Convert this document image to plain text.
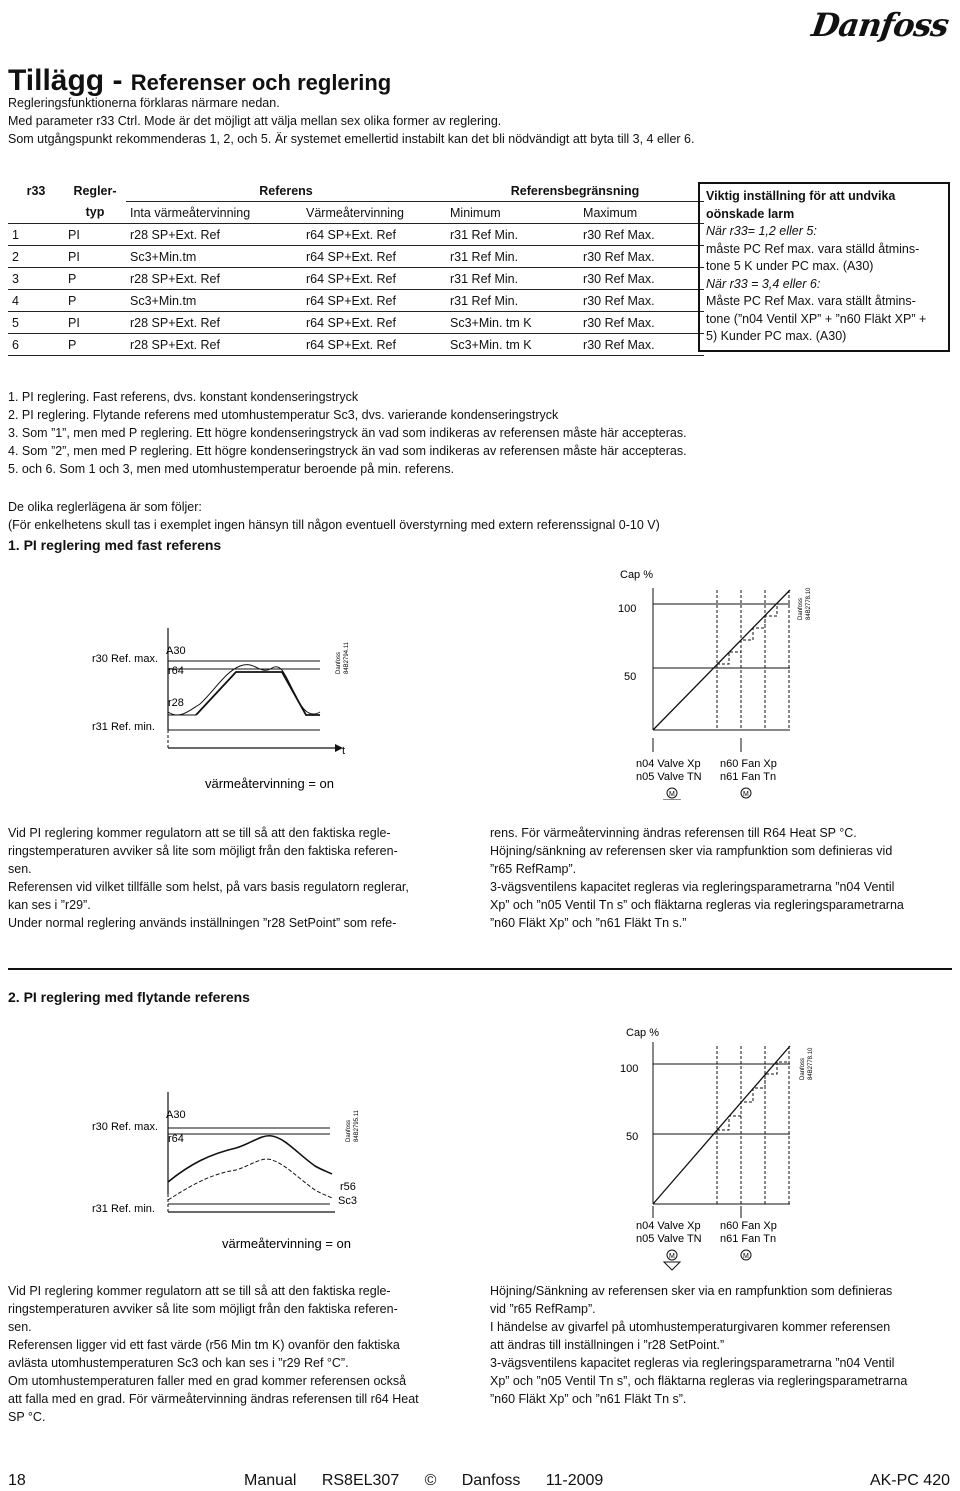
Danfoss
Tillägg - Referenser och reglering
Regleringsfunktionerna förklaras närmare nedan.
Med parameter r33 Ctrl. Mode är det möjligt att välja mellan sex olika former av reglering.
Som utgångspunkt rekommenderas 1, 2, och 5. Är systemet emellertid instabilt kan det bli nödvändigt att byta till 3, 4 eller 6.
r33	Regler-	Referens		Referensbegränsning	
	typ	Inta värmeåtervinning	Värmeåtervinning	Minimum	Maximum
1	PI	r28 SP+Ext. Ref	r64 SP+Ext. Ref	r31 Ref Min.	r30 Ref Max.
2	PI	Sc3+Min.tm	r64 SP+Ext. Ref	r31 Ref Min.	r30 Ref Max.
3	P	r28 SP+Ext. Ref	r64 SP+Ext. Ref	r31 Ref Min.	r30 Ref Max.
4	P	Sc3+Min.tm	r64 SP+Ext. Ref	r31 Ref Min.	r30 Ref Max.
5	PI	r28 SP+Ext. Ref	r64 SP+Ext. Ref	Sc3+Min. tm K	r30 Ref Max.
6	P	r28 SP+Ext. Ref	r64 SP+Ext. Ref	Sc3+Min. tm K	r30 Ref Max.
Viktig inställning för att undvika
oönskade larm
När r33= 1,2 eller 5:
måste PC Ref max. vara ställd åtmins-
tone 5 K under PC max. (A30)
När r33 = 3,4 eller 6:
Måste PC Ref Max. vara ställt åtmins-
tone (”n04 Ventil XP” + ”n60 Fläkt XP” +
5) Kunder PC max. (A30)
1. PI reglering. Fast referens, dvs. konstant kondenseringstryck
2. PI reglering. Flytande referens med utomhustemperatur Sc3, dvs. varierande kondenseringstryck
3. Som ”1”, men med P reglering. Ett högre kondenseringstryck än vad som indikeras av referensen måste här accepteras.
4. Som ”2”, men med P reglering. Ett högre kondenseringstryck än vad som indikeras av referensen måste här accepteras.
5. och 6. Som 1 och 3, men med utomhustemperatur beroende på min. referens.
De olika reglerlägena är som följer:
(För enkelhetens skull tas i exemplet ingen hänsyn till någon eventuell överstyrning med extern referenssignal 0-10 V)
1. PI reglering med fast referens
r30 Ref. max.
A30
r64
r28
r31 Ref. min.
t
Danfoss 84B2794.11
värmeåtervinning = on
Cap %
100
50
Danfoss 84B2778.10
n04 Valve Xp
n05 Valve TN
n60 Fan Xp
n61 Fan Tn
M	M
Vid PI reglering kommer regulatorn att se till så att den faktiska regle-
ringstemperaturen avviker så lite som möjligt från den faktiska referen-
sen.
Referensen vid vilket tillfälle som helst, på vars basis regulatorn reglerar,
kan ses i ”r29”.
Under normal reglering används inställningen ”r28 SetPoint” som refe-
rens. För värmeåtervinning ändras referensen till R64 Heat SP °C.
Höjning/sänkning av referensen sker via rampfunktion som definieras vid
”r65 RefRamp”.
3-vägsventilens kapacitet regleras via regleringsparametrarna ”n04 Ventil
Xp” och ”n05 Ventil Tn s” och fläktarna regleras via regleringsparametrarna
”n60 Fläkt Xp” och ”n61 Fläkt Tn s.”
2. PI reglering med flytande referens
r30 Ref. max.
A30
r64
r56
Sc3
r31 Ref. min.
Danfoss 84B2795.11
värmeåtervinning = on
Cap %
100
50
Danfoss 84B2778.10
n04 Valve Xp
n05 Valve TN
n60 Fan Xp
n61 Fan Tn
M	M
Vid PI reglering kommer regulatorn att se till så att den faktiska regle-
ringstemperaturen avviker så lite som möjligt från den faktiska referen-
sen.
Referensen ligger vid ett fast värde (r56 Min tm K) ovanför den faktiska
avlästa utomhustemperaturen Sc3 och kan ses i ”r29 Ref °C”.
Om utomhustemperaturen faller med en grad kommer referensen också
att falla med en grad. För värmeåtervinning ändras referensen till r64 Heat
SP °C.
Höjning/Sänkning av referensen sker via en rampfunktion som definieras
vid ”r65 RefRamp”.
I händelse av givarfel på utomhustemperaturgivaren kommer referensen
att ändras till inställningen i ”r28 SetPoint.”
3-vägsventilens kapacitet regleras via regleringsparametrarna ”n04 Ventil
Xp” och ”n05 Ventil Tn s”, och fläktarna regleras via regleringsparametrarna
”n60 Fläkt Xp” och ”n61 Fläkt Tn s”.
18	Manual RS8EL307 © Danfoss 11-2009	AK-PC 420
